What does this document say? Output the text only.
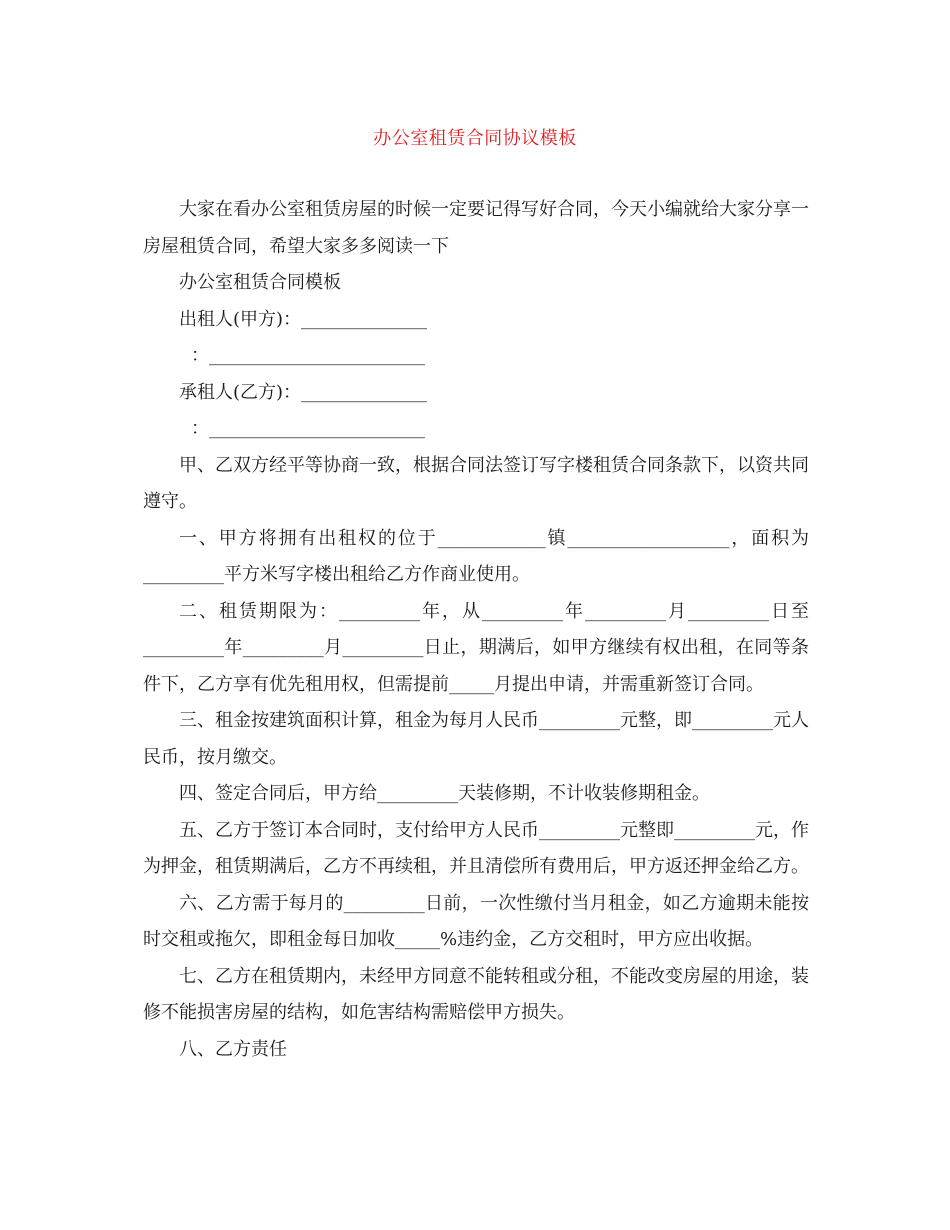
办公室租赁合同协议模板

大家在看办公室租赁房屋的时候一定要记得写好合同，今天小编就给大家分享一房屋租赁合同，希望大家多多阅读一下

办公室租赁合同模板

出租人(甲方)：______________

：________________________

承租人(乙方)：______________

：________________________

甲、乙双方经平等协商一致，根据合同法签订写字楼租赁合同条款下，以资共同遵守。

一、甲方将拥有出租权的位于____________镇__________________，面积为_________平方米写字楼出租给乙方作商业使用。

二、租赁期限为：_________年，从_________年_________月_________日至_________年_________月_________日止，期满后，如甲方继续有权出租，在同等条件下，乙方享有优先租用权，但需提前_____月提出申请，并需重新签订合同。

三、租金按建筑面积计算，租金为每月人民币_________元整，即_________元人民币，按月缴交。

四、签定合同后，甲方给_________天装修期，不计收装修期租金。

五、乙方于签订本合同时，支付给甲方人民币_________元整即_________元，作为押金，租赁期满后，乙方不再续租，并且清偿所有费用后，甲方返还押金给乙方。

六、乙方需于每月的_________日前，一次性缴付当月租金，如乙方逾期未能按时交租或拖欠，即租金每日加收_____%违约金，乙方交租时，甲方应出收据。

七、乙方在租赁期内，未经甲方同意不能转租或分租，不能改变房屋的用途，装修不能损害房屋的结构，如危害结构需赔偿甲方损失。

八、乙方责任
